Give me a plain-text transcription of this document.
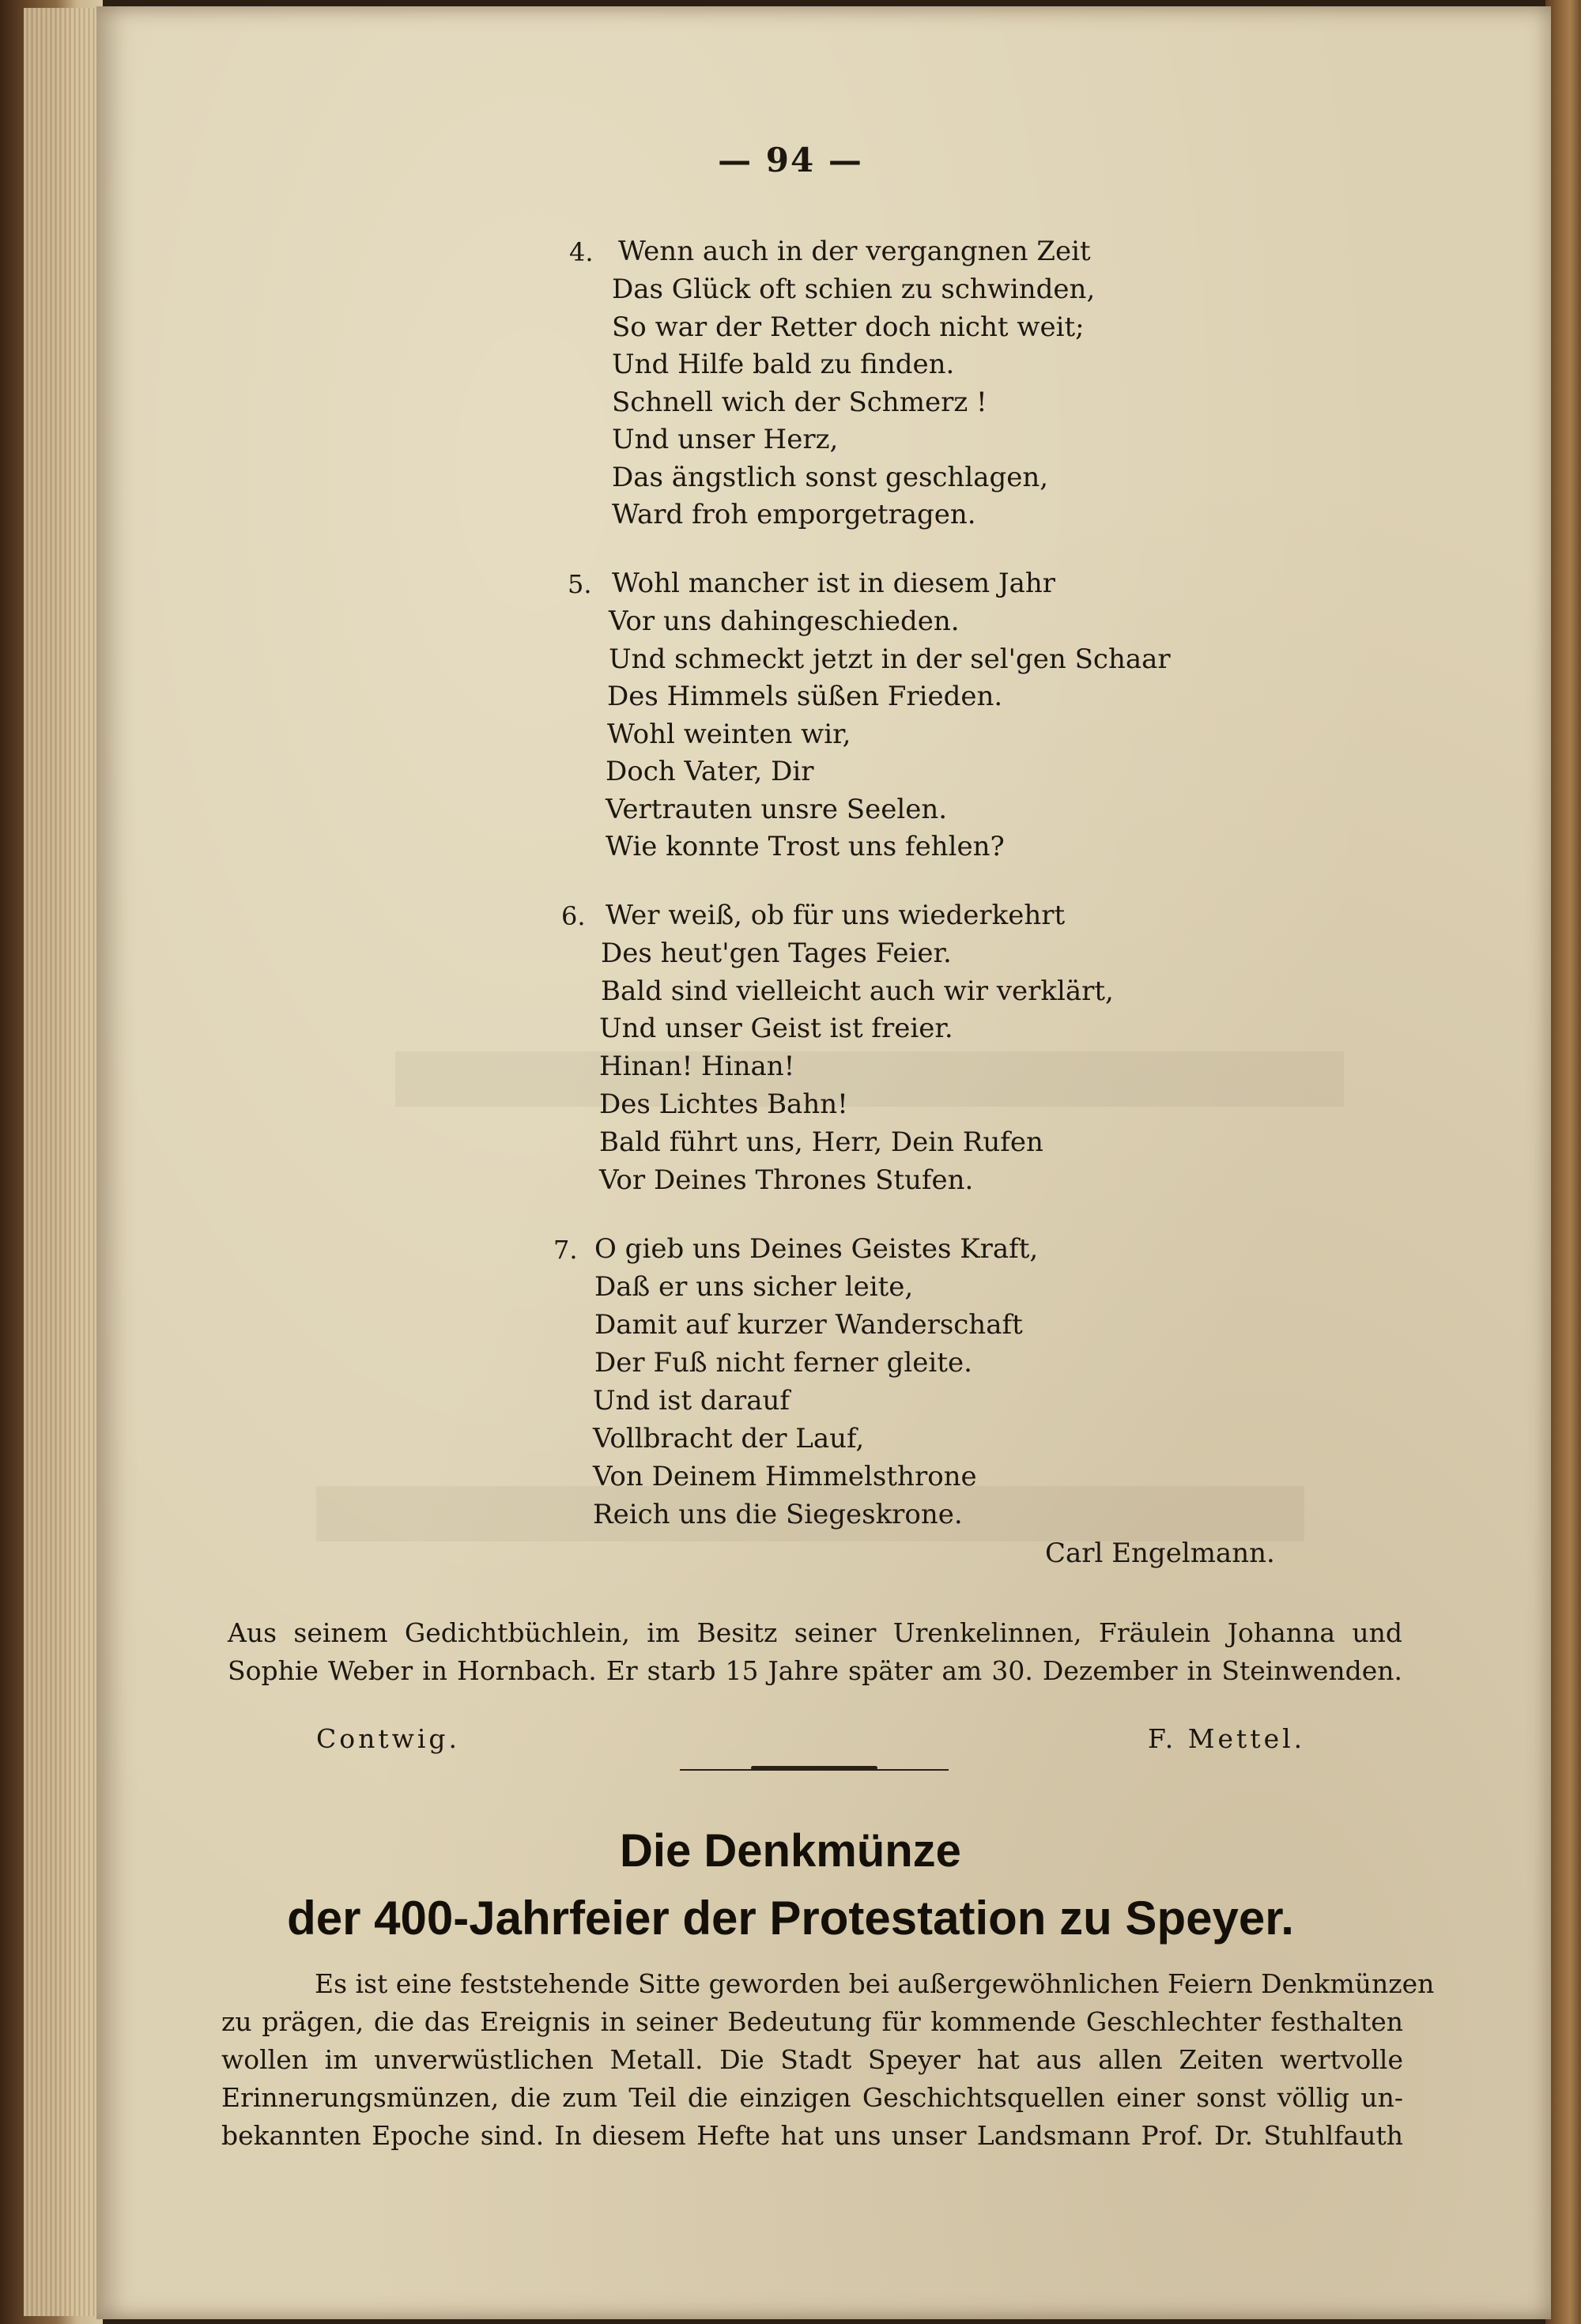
— 94 —
4. Wenn auch in der vergangnen Zeit
Das Glück oft schien zu schwinden,
So war der Retter doch nicht weit;
Und Hilfe bald zu finden.
Schnell wich der Schmerz !
Und unser Herz,
Das ängstlich sonst geschlagen,
Ward froh emporgetragen.
5. Wohl mancher ist in diesem Jahr
Vor uns dahingeschieden.
Und schmeckt jetzt in der sel'gen Schaar
Des Himmels süßen Frieden.
Wohl weinten wir,
Doch Vater, Dir
Vertrauten unsre Seelen.
Wie konnte Trost uns fehlen?
6. Wer weiß, ob für uns wiederkehrt
Des heut'gen Tages Feier.
Bald sind vielleicht auch wir verklärt,
Und unser Geist ist freier.
Hinan! Hinan!
Des Lichtes Bahn!
Bald führt uns, Herr, Dein Rufen
Vor Deines Thrones Stufen.
7. O gieb uns Deines Geistes Kraft,
Daß er uns sicher leite,
Damit auf kurzer Wanderschaft
Der Fuß nicht ferner gleite.
Und ist darauf
Vollbracht der Lauf,
Von Deinem Himmelsthrone
Reich uns die Siegeskrone.
Carl Engelmann.
Aus seinem Gedichtbüchlein, im Besitz seiner Urenkelinnen, Fräulein Johanna und
Sophie Weber in Hornbach. Er starb 15 Jahre später am 30. Dezember in Steinwenden.
Contwig.	F. Mettel.
Die Denkmünze
der 400-Jahrfeier der Protestation zu Speyer.
Es ist eine feststehende Sitte geworden bei außergewöhnlichen Feiern Denkmünzen
zu prägen, die das Ereignis in seiner Bedeutung für kommende Geschlechter festhalten
wollen im unverwüstlichen Metall. Die Stadt Speyer hat aus allen Zeiten wertvolle
Erinnerungsmünzen, die zum Teil die einzigen Geschichtsquellen einer sonst völlig un-
bekannten Epoche sind. In diesem Hefte hat uns unser Landsmann Prof. Dr. Stuhlfauth
